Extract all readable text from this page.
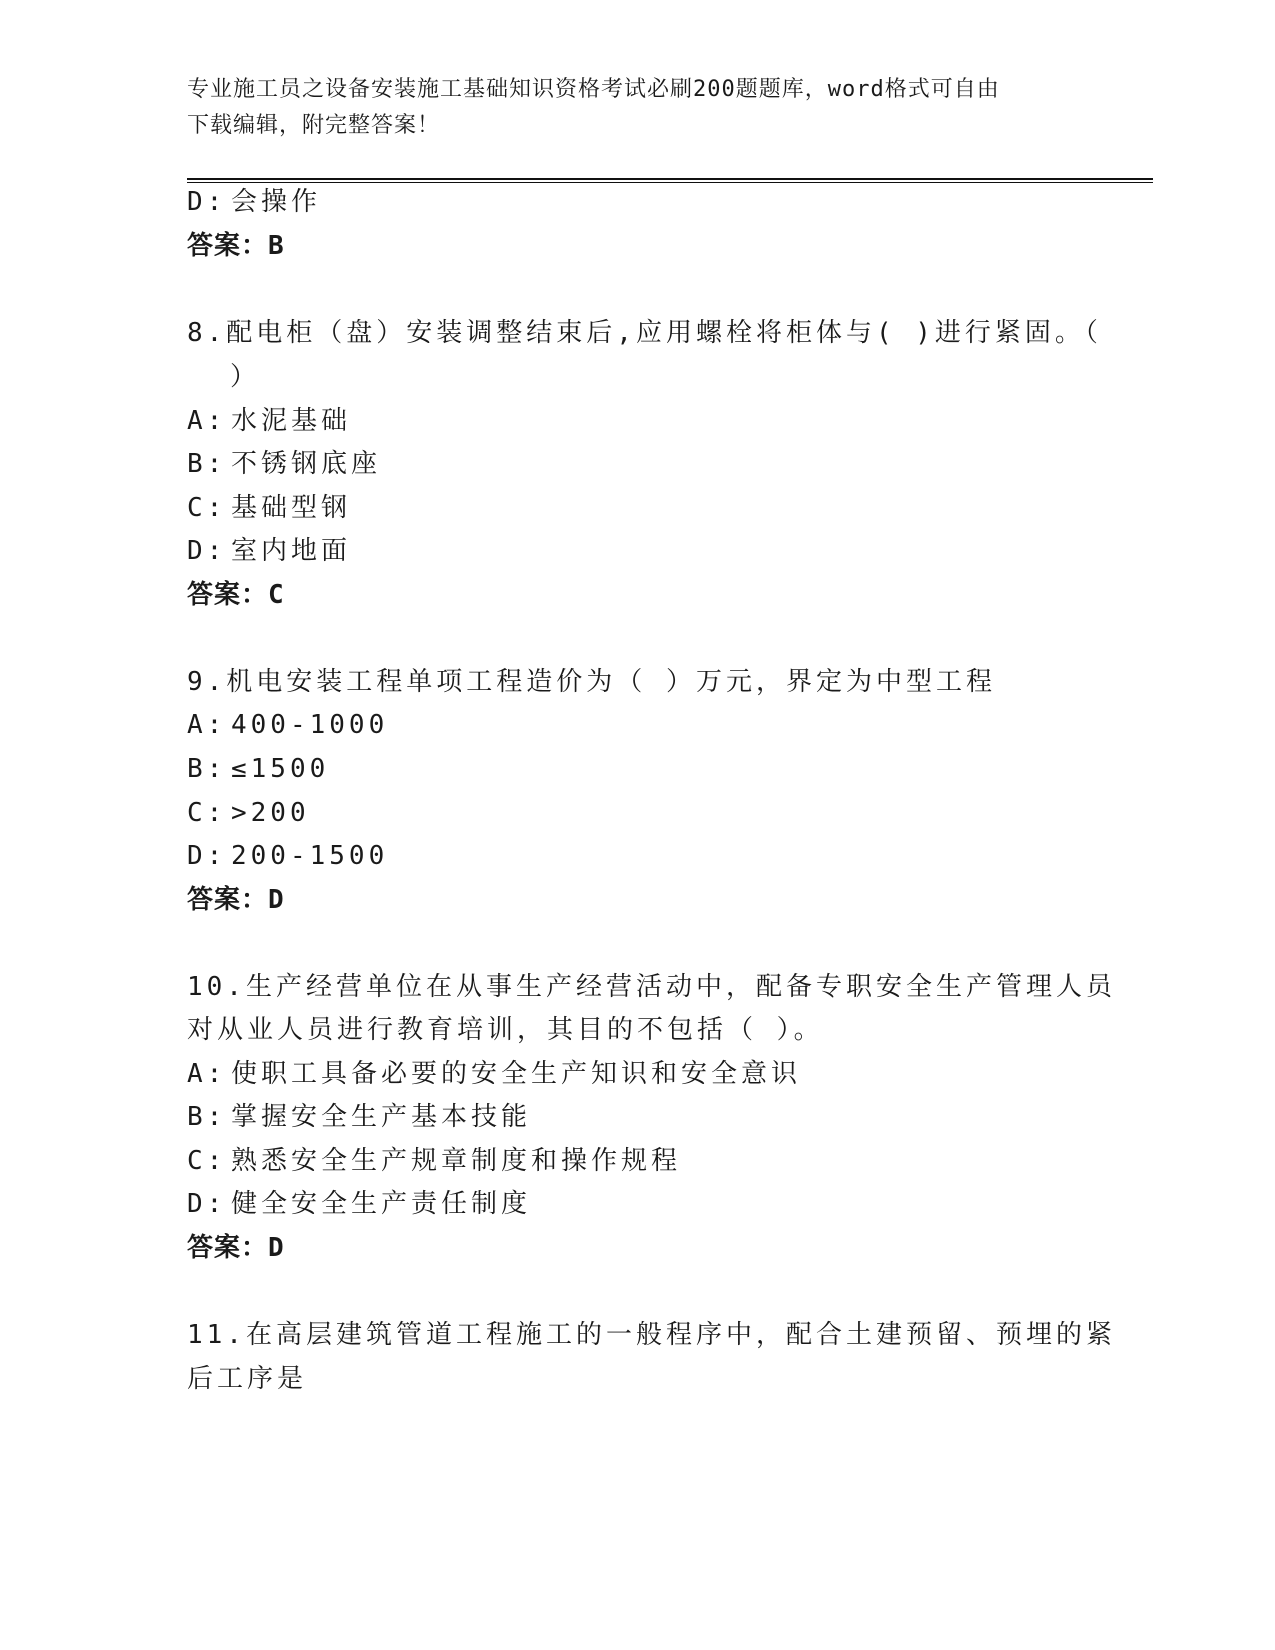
专业施工员之设备安装施工基础知识资格考试必刷200题题库，word格式可自由
下载编辑，附完整答案！
D: 会操作
答案：B
8.配电柜（盘）安装调整结束后,应用螺栓将柜体与( )进行紧固。（
）
A: 水泥基础
B: 不锈钢底座
C: 基础型钢
D: 室内地面
答案：C
9.机电安装工程单项工程造价为（ ）万元，界定为中型工程
A: 400-1000
B: ≤1500
C: >200
D: 200-1500
答案：D
10.生产经营单位在从事生产经营活动中，配备专职安全生产管理人员
对从业人员进行教育培训，其目的不包括（ ）。
A: 使职工具备必要的安全生产知识和安全意识
B: 掌握安全生产基本技能
C: 熟悉安全生产规章制度和操作规程
D: 健全安全生产责任制度
答案：D
11.在高层建筑管道工程施工的一般程序中，配合土建预留、预埋的紧
后工序是
